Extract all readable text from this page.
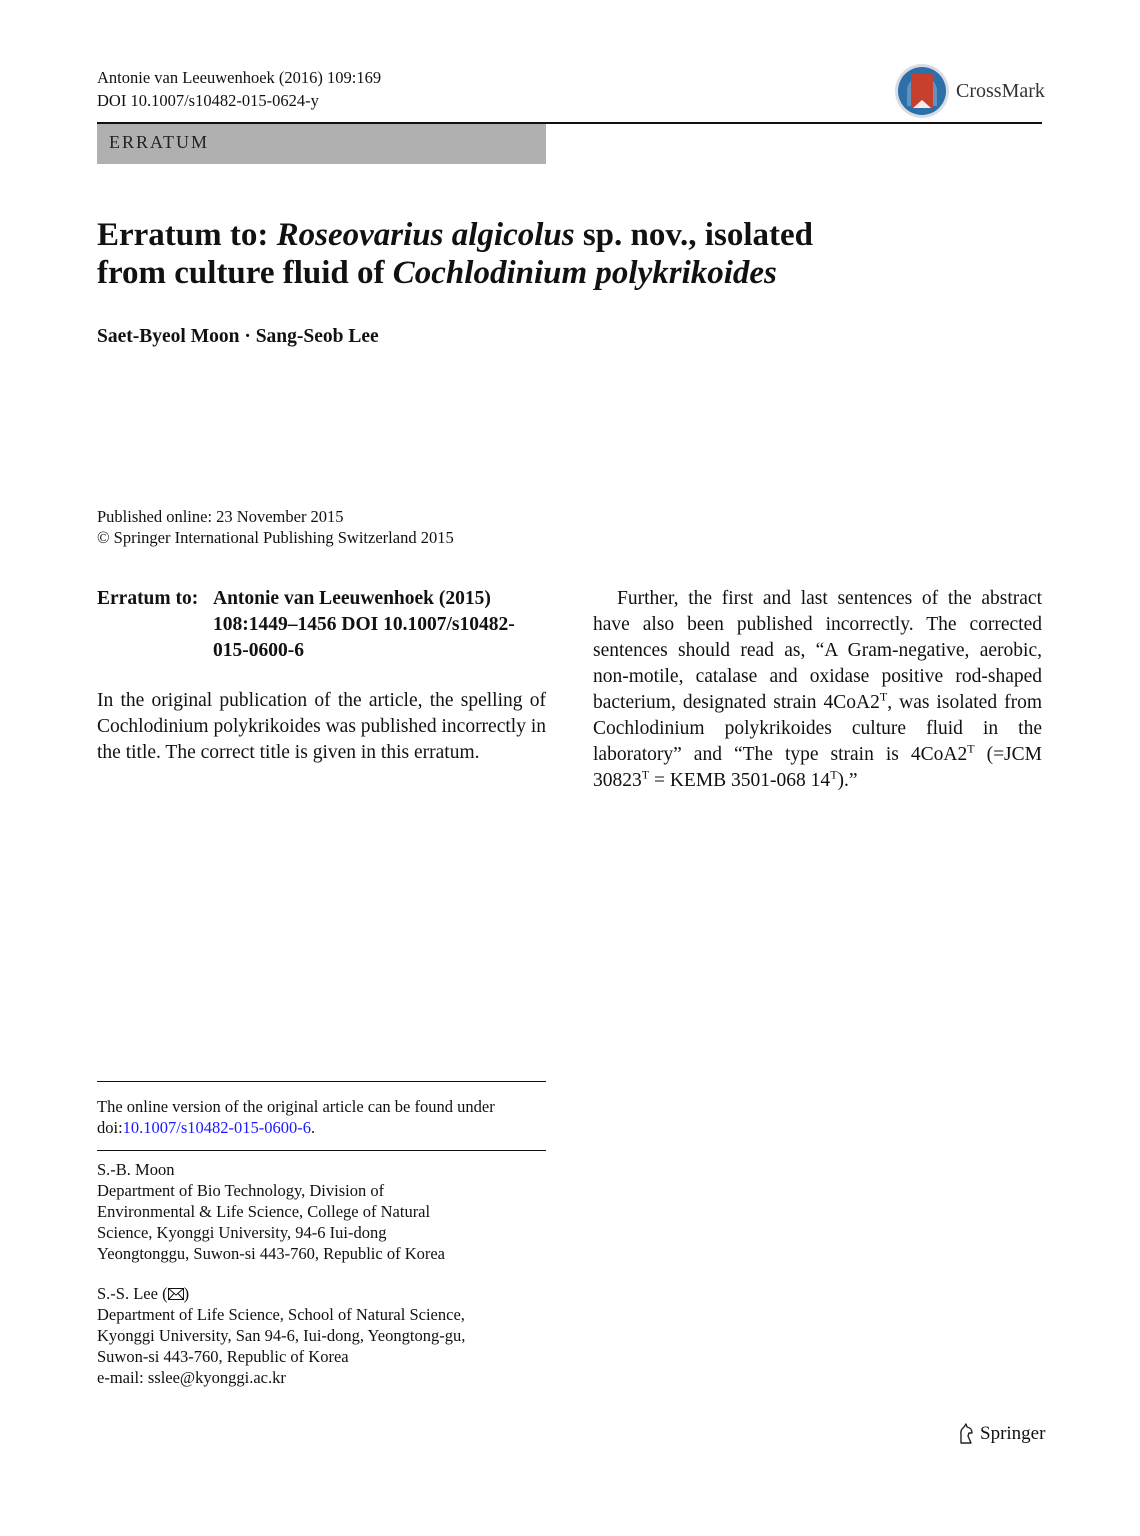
Antonie van Leeuwenhoek (2016) 109:169
DOI 10.1007/s10482-015-0624-y	CrossMark
ERRATUM
Erratum to: Roseovarius algicolus sp. nov., isolated
from culture fluid of Cochlodinium polykrikoides
Saet-Byeol Moon · Sang-Seob Lee
Published online: 23 November 2015
© Springer International Publishing Switzerland 2015
Erratum to: Antonie van Leeuwenhoek (2015) 108:1449–1456 DOI 10.1007/s10482-015-0600-6
In the original publication of the article, the spelling of Cochlodinium polykrikoides was published incorrectly in the title. The correct title is given in this erratum.
Further, the first and last sentences of the abstract have also been published incorrectly. The corrected sentences should read as, “A Gram-negative, aerobic, non-motile, catalase and oxidase positive rod-shaped bacterium, designated strain $4CoA2^T$, was isolated from Cochlodinium polykrikoides culture fluid in the laboratory” and “The type strain is $4CoA2^T$ (=JCM $30823^T$ = KEMB 3501-068 $14^T$).”
The online version of the original article can be found under doi:10.1007/s10482-015-0600-6.
S.-B. Moon
Department of Bio Technology, Division of
Environmental & Life Science, College of Natural
Science, Kyonggi University, 94-6 Iui-dong
Yeongtonggu, Suwon-si 443-760, Republic of Korea
S.-S. Lee ( )
Department of Life Science, School of Natural Science,
Kyonggi University, San 94-6, Iui-dong, Yeongtong-gu,
Suwon-si 443-760, Republic of Korea
e-mail: sslee@kyonggi.ac.kr
Springer
